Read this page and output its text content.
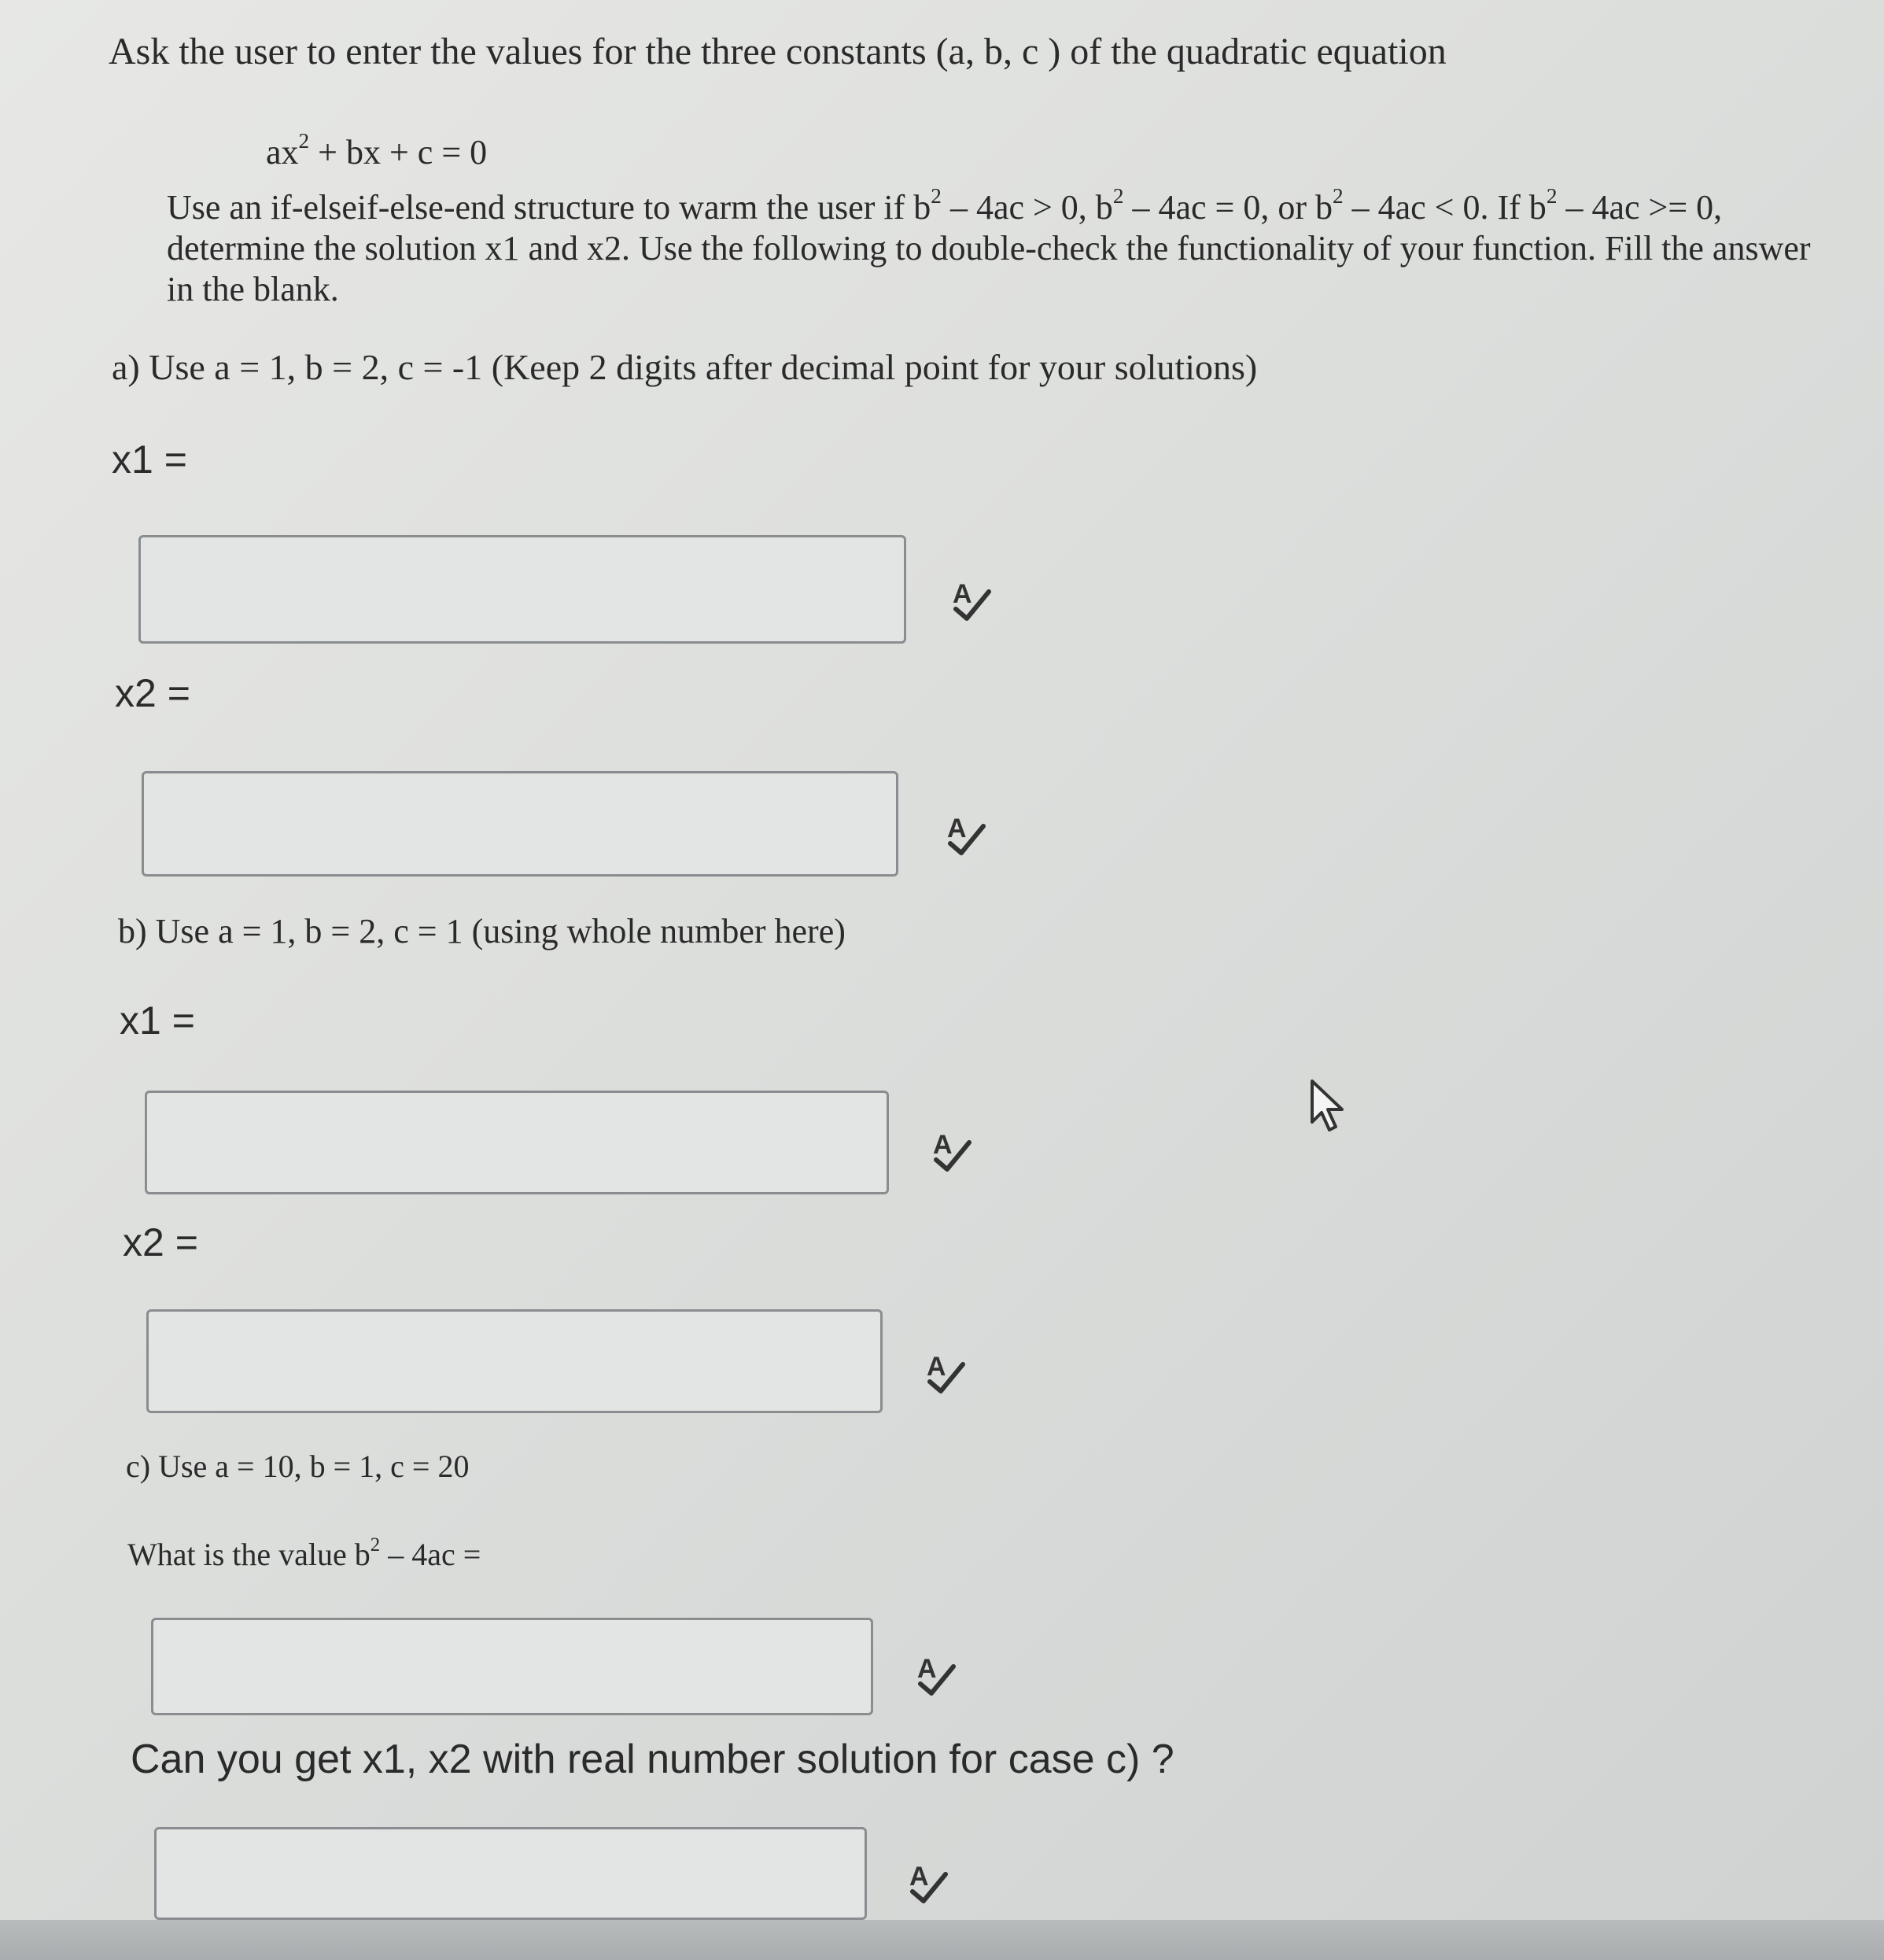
Ask the user to enter the values for the three constants (a, b, c ) of the quadratic equation
$ax^2$ + bx + c = 0
Use an if-elseif-else-end structure to warm the user if $b^2 - 4ac > 0$, $b^2 - 4ac = 0$, or $b^2 - 4ac < 0$. If $b^2 - 4ac >= 0$, determine the solution x1 and x2. Use the following to double-check the functionality of your function. Fill the answer in the blank.
a) Use a = 1, b = 2, c = -1 (Keep 2 digits after decimal point for your solutions)
x1 =
A
x2 =
A
b) Use a = 1, b = 2, c = 1 (using whole number here)
x1 =
A
x2 =
A
c) Use a = 10, b = 1, c = 20
What is the value $b^2 - 4ac$ =
A
Can you get x1, x2 with real number solution for case c) ?
A
